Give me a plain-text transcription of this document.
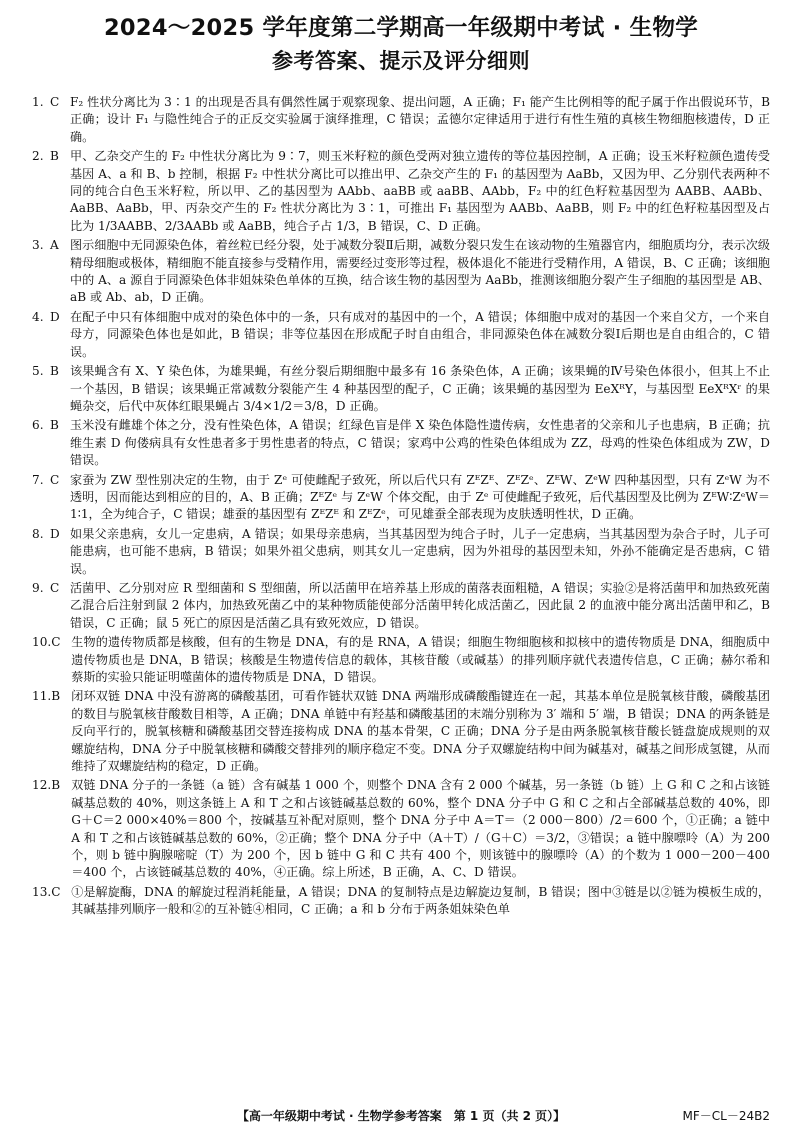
2024～2025 学年度第二学期高一年级期中考试 · 生物学
参考答案、提示及评分细则
1. C F₂ 性状分离比为 3∶1 的出现是否具有偶然性属于观察现象、提出问题，A 正确；F₁ 能产生比例相等的配子属于作出假说环节，B 正确；设计 F₁ 与隐性纯合子的正反交实验属于演绎推理，C 错误；孟德尔定律适用于进行有性生殖的真核生物细胞核遗传，D 正确。
2. B 甲、乙杂交产生的 F₂ 中性状分离比为 9∶7，则玉米籽粒的颜色受两对独立遗传的等位基因控制，A 正确；设玉米籽粒颜色遗传受基因 A、a 和 B、b 控制，根据 F₂ 中性状分离比可以推出甲、乙杂交产生的 F₁ 的基因型为 AaBb，又因为甲、乙分别代表两种不同的纯合白色玉米籽粒，所以甲、乙的基因型为 AAbb、aaBB 或 aaBB、AAbb，F₂ 中的红色籽粒基因型为 AABB、AABb、AaBB、AaBb，甲、丙杂交产生的 F₂ 性状分离比为 3∶1，可推出 F₁ 基因型为 AABb、AaBB，则 F₂ 中的红色籽粒基因型及占比为 1/3AABB、2/3AABb 或 AaBB，纯合子占 1/3，B 错误，C、D 正确。
3. A 图示细胞中无同源染色体，着丝粒已经分裂，处于减数分裂Ⅱ后期，减数分裂只发生在该动物的生殖器官内，细胞质均分，表示次级精母细胞或极体，精细胞不能直接参与受精作用，需要经过变形等过程，极体退化不能进行受精作用，A 错误，B、C 正确；该细胞中的 A、a 源自于同源染色体非姐妹染色单体的互换，结合该生物的基因型为 AaBb，推测该细胞分裂产生子细胞的基因型是 AB、aB 或 Ab、ab，D 正确。
4. D 在配子中只有体细胞中成对的染色体中的一条，只有成对的基因中的一个，A 错误；体细胞中成对的基因一个来自父方，一个来自母方，同源染色体也是如此，B 错误；非等位基因在形成配子时自由组合，非同源染色体在减数分裂Ⅰ后期也是自由组合的，C 错误。
5. B 该果蝇含有 X、Y 染色体，为雄果蝇，有丝分裂后期细胞中最多有 16 条染色体，A 正确；该果蝇的Ⅳ号染色体很小，但其上不止一个基因，B 错误；该果蝇正常减数分裂能产生 4 种基因型的配子，C 正确；该果蝇的基因型为 EeXᴿY，与基因型 EeXᴿXʳ 的果蝇杂交，后代中灰体红眼果蝇占 3/4×1/2＝3/8，D 正确。
6. B 玉米没有雌雄个体之分，没有性染色体，A 错误；红绿色盲是伴 X 染色体隐性遗传病，女性患者的父亲和儿子也患病，B 正确；抗维生素 D 佝偻病具有女性患者多于男性患者的特点，C 错误；家鸡中公鸡的性染色体组成为 ZZ，母鸡的性染色体组成为 ZW，D 错误。
7. C 家蚕为 ZW 型性别决定的生物，由于 Zᵉ 可使雌配子致死，所以后代只有 ZᴱZᴱ、ZᴱZᵉ、ZᴱW、ZᵉW 四种基因型，只有 ZᵉW 为不透明，因而能达到相应的目的，A、B 正确；ZᴱZᵉ 与 ZᵉW 个体交配，由于 Zᵉ 可使雌配子致死，后代基因型及比例为 ZᴱW∶ZᵉW＝1∶1，全为纯合子，C 错误；雄蚕的基因型有 ZᴱZᴱ 和 ZᴱZᵉ，可见雄蚕全部表现为皮肤透明性状，D 正确。
8. D 如果父亲患病，女儿一定患病，A 错误；如果母亲患病，当其基因型为纯合子时，儿子一定患病，当其基因型为杂合子时，儿子可能患病，也可能不患病，B 错误；如果外祖父患病，则其女儿一定患病，因为外祖母的基因型未知，外孙不能确定是否患病，C 错误。
9. C 活菌甲、乙分别对应 R 型细菌和 S 型细菌，所以活菌甲在培养基上形成的菌落表面粗糙，A 错误；实验②是将活菌甲和加热致死菌乙混合后注射到鼠 2 体内，加热致死菌乙中的某种物质能使部分活菌甲转化成活菌乙，因此鼠 2 的血液中能分离出活菌甲和乙，B 错误，C 正确；鼠 5 死亡的原因是活菌乙具有致死效应，D 错误。
10. C 生物的遗传物质都是核酸，但有的生物是 DNA，有的是 RNA，A 错误；细胞生物细胞核和拟核中的遗传物质是 DNA，细胞质中遗传物质也是 DNA，B 错误；核酸是生物遗传信息的载体，其核苷酸（或碱基）的排列顺序就代表遗传信息，C 正确；赫尔希和蔡斯的实验只能证明噬菌体的遗传物质是 DNA，D 错误。
11. B 闭环双链 DNA 中没有游离的磷酸基团，可看作链状双链 DNA 两端形成磷酸酯键连在一起，其基本单位是脱氧核苷酸，磷酸基团的数目与脱氧核苷酸数目相等，A 正确；DNA 单链中有羟基和磷酸基团的末端分别称为 3′ 端和 5′ 端，B 错误；DNA 的两条链是反向平行的，脱氧核糖和磷酸基团交替连接构成 DNA 的基本骨架，C 正确；DNA 分子是由两条脱氧核苷酸长链盘旋成规则的双螺旋结构，DNA 分子中脱氧核糖和磷酸交替排列的顺序稳定不变。DNA 分子双螺旋结构中间为碱基对，碱基之间形成氢键，从而维持了双螺旋结构的稳定，D 正确。
12. B 双链 DNA 分子的一条链（a 链）含有碱基 1 000 个，则整个 DNA 含有 2 000 个碱基，另一条链（b 链）上 G 和 C 之和占该链碱基总数的 40%，则这条链上 A 和 T 之和占该链碱基总数的 60%，整个 DNA 分子中 G 和 C 之和占全部碱基总数的 40%，即 G＋C＝2 000×40%＝800 个，按碱基互补配对原则，整个 DNA 分子中 A＝T＝（2 000－800）/2＝600 个，①正确；a 链中 A 和 T 之和占该链碱基总数的 60%，②正确；整个 DNA 分子中（A＋T）/（G＋C）＝3/2，③错误；a 链中腺嘌呤（A）为 200 个，则 b 链中胸腺嘧啶（T）为 200 个，因 b 链中 G 和 C 共有 400 个，则该链中的腺嘌呤（A）的个数为 1 000－200－400＝400 个，占该链碱基总数的 40%，④正确。综上所述，B 正确，A、C、D 错误。
13. C ①是解旋酶，DNA 的解旋过程消耗能量，A 错误；DNA 的复制特点是边解旋边复制，B 错误；图中③链是以②链为模板生成的，其碱基排列顺序一般和②的互补链④相同，C 正确；a 和 b 分布于两条姐妹染色单
【高一年级期中考试 · 生物学参考答案　第 1 页（共 2 页）】	MF－CL－24B2
